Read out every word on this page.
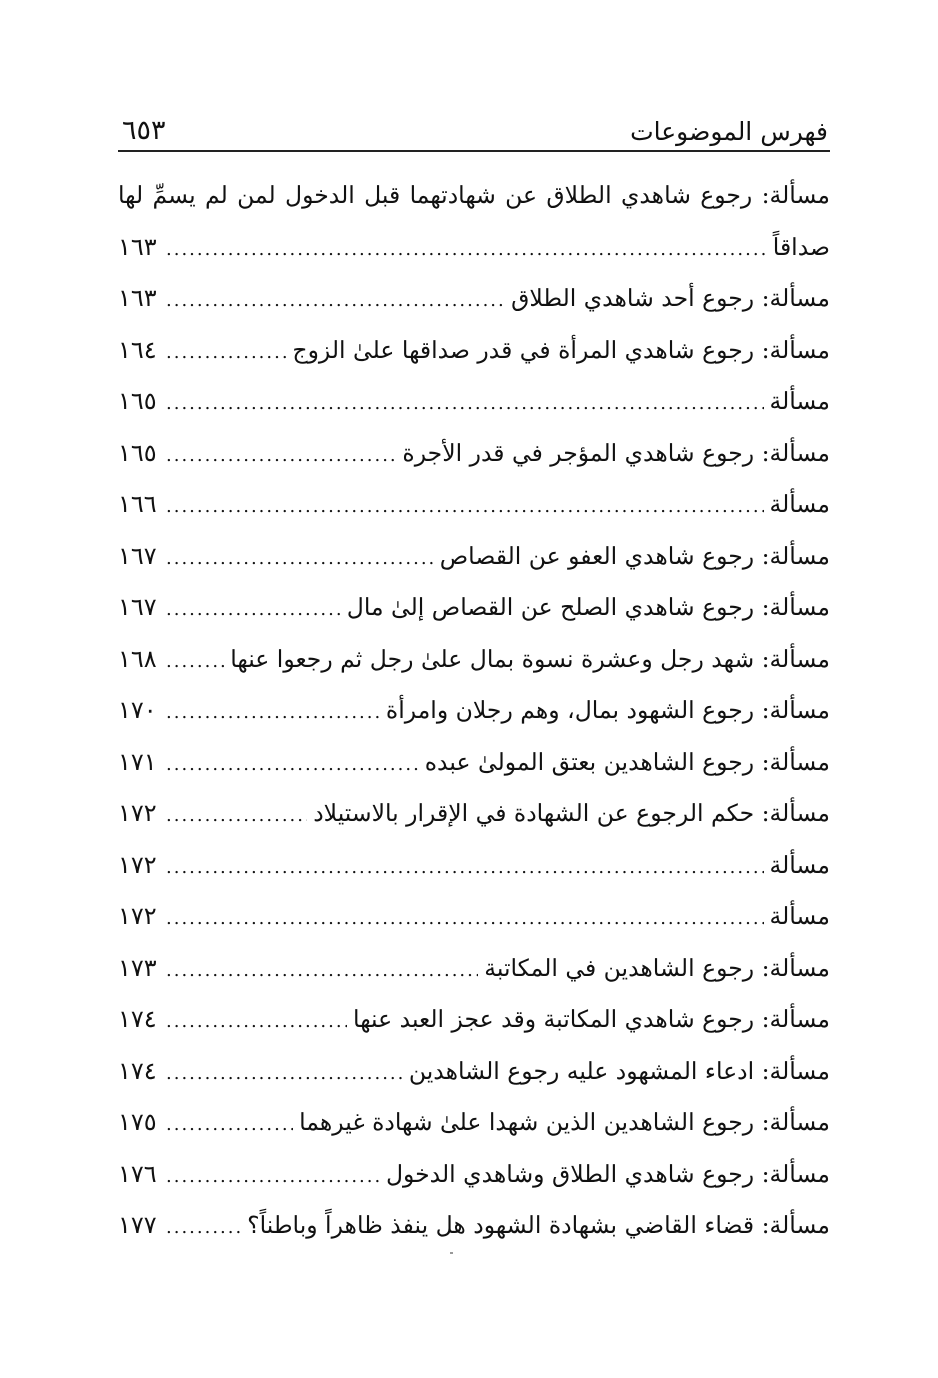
فهرس الموضوعات
٦٥٣
مسألة: رجوع شاهدي الطلاق عن شهادتهما قبل الدخول لمن لم يسمِّ لها
صداقاً
.....
١٦٣
مسألة: رجوع أحد شاهدي الطلاق
.....
١٦٣
مسألة: رجوع شاهدي المرأة في قدر صداقها علىٰ الزوج
.....
١٦٤
مسألة
.....
١٦٥
مسألة: رجوع شاهدي المؤجر في قدر الأجرة
.....
١٦٥
مسألة
.....
١٦٦
مسألة: رجوع شاهدي العفو عن القصاص
.....
١٦٧
مسألة: رجوع شاهدي الصلح عن القصاص إلىٰ مال
.....
١٦٧
مسألة: شهد رجل وعشرة نسوة بمال علىٰ رجل ثم رجعوا عنها
.....
١٦٨
مسألة: رجوع الشهود بمال، وهم رجلان وامرأة
.....
١٧٠
مسألة: رجوع الشاهدين بعتق المولىٰ عبده
.....
١٧١
مسألة: حكم الرجوع عن الشهادة في الإقرار بالاستيلاد
.....
١٧٢
مسألة
.....
١٧٢
مسألة
.....
١٧٢
مسألة: رجوع الشاهدين في المكاتبة
.....
١٧٣
مسألة: رجوع شاهدي المكاتبة وقد عجز العبد عنها
.....
١٧٤
مسألة: ادعاء المشهود عليه رجوع الشاهدين
.....
١٧٤
مسألة: رجوع الشاهدين الذين شهدا علىٰ شهادة غيرهما
.....
١٧٥
مسألة: رجوع شاهدي الطلاق وشاهدي الدخول
.....
١٧٦
مسألة: قضاء القاضي بشهادة الشهود هل ينفذ ظاهراً وباطناً؟
.....
١٧٧
